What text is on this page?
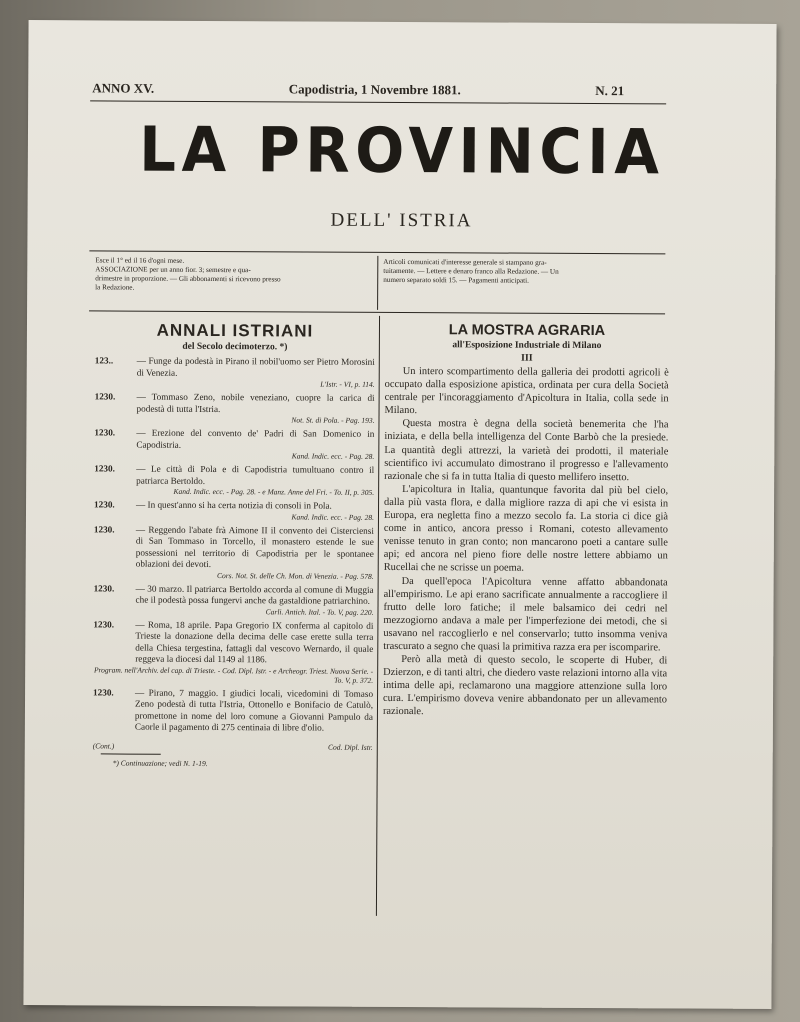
ANNO XV.	Capodistria, 1 Novembre 1881.	N. 21
LA PROVINCIA
DELL' ISTRIA

Esce il 1° ed il 16 d'ogni mese.

ASSOCIAZIONE per un anno fior. 3; semestre e qua-

drimestre in proporzione. — Gli abbonamenti si ricevono presso

la Redazione.

Articoli comunicati d'interesse generale si stampano gra-

tuitamente. — Lettere e denaro franco alla Redazione. — Un

numero separato soldi 15. — Pagamenti anticipati.

ANNALI ISTRIANI
del Secolo decimoterzo. *)
123..	— Funge da podestà in Pirano il nobil'uomo ser Pietro Morosini di Venezia.
L'Istr. - VI, p. 114.
1230.	— Tommaso Zeno, nobile veneziano, cuopre la carica di podestà di tutta l'Istria.
Not. St. di Pola. - Pag. 193.
1230.	— Erezione del convento de' Padri di San Domenico in Capodistria.
Kand. Indic. ecc. - Pag. 28.
1230.	— Le città di Pola e di Capodistria tumultuano contro il patriarca Bertoldo.
Kand. Indic. ecc. - Pag. 28. - e Manz. Anne del Fri. - To. II, p. 305.
1230.	— In quest'anno si ha certa notizia di consoli in Pola.
Kand. Indic. ecc. - Pag. 28.
1230.	— Reggendo l'abate frà Aimone II il convento dei Cisterciensi di San Tommaso in Torcello, il monastero estende le sue possessioni nel territorio di Capodistria per le spontanee oblazioni dei devoti.
Cors. Not. St. delle Ch. Mon. di Venezia. - Pag. 578.
1230.	— 30 marzo. Il patriarca Bertoldo accorda al comune di Muggia che il podestà possa fungervi anche da gastaldione patriarchino.
Carli. Antich. Ital. - To. V, pag. 220.
1230.	— Roma, 18 aprile. Papa Gregorio IX conferma al capitolo di Trieste la donazione della decima delle case erette sulla terra della Chiesa tergestina, fattagli dal vescovo Wernardo, il quale reggeva la diocesi dal 1149 al 1186.
Program. nell'Archiv. del cap. di Trieste. - Cod. Dipl. Istr. - e Archeogr. Triest. Nuova Serie. - To. V, p. 372.
1230.	— Pirano, 7 maggio. I giudici locali, vicedomini di Tomaso Zeno podestà di tutta l'Istria, Ottonello e Bonifacio de Catulò, promettone in nome del loro comune a Giovanni Pampulo da Caorle il pagamento di 275 centinaia di libre d'olio.
(Cont.)	Cod. Dipl. Istr.
*) Continuazione; vedi N. 1-19.
LA MOSTRA AGRARIA
all'Esposizione Industriale di Milano
III

Un intero scompartimento della galleria dei prodotti agricoli è occupato dalla esposizione apistica, ordinata per cura della Società centrale per l'incoraggiamento d'Apicoltura in Italia, colla sede in Milano.

Questa mostra è degna della società benemerita che l'ha iniziata, e della bella intelligenza del Conte Barbò che la presiede. La quantità degli attrezzi, la varietà dei prodotti, il materiale scientifico ivi accumulato dimostrano il progresso e l'allevamento razionale che si fa in tutta Italia di questo mellifero insetto.

L'apicoltura in Italia, quantunque favorita dal più bel cielo, dalla più vasta flora, e dalla migliore razza di api che vi esista in Europa, era negletta fino a mezzo secolo fa. La storia ci dice già come in antico, ancora presso i Romani, cotesto allevamento venisse tenuto in gran conto; non mancarono poeti a cantare sulle api; ed ancora nel pieno fiore delle nostre lettere abbiamo un Rucellai che ne scrisse un poema.

Da quell'epoca l'Apicoltura venne affatto abbandonata all'empirismo. Le api erano sacrificate annualmente a raccogliere il frutto delle loro fatiche; il mele balsamico dei cedri nel mezzogiorno andava a male per l'imperfezione dei metodi, che si usavano nel raccoglierlo e nel conservarlo; tutto insomma veniva trascurato a segno che quasi la primitiva razza era per iscomparire.

Però alla metà di questo secolo, le scoperte di Huber, di Dzierzon, e di tanti altri, che diedero vaste relazioni intorno alla vita intima delle api, reclamarono una maggiore attenzione sulla loro cura. L'empirismo doveva venire abbandonato per un allevamento razionale.
